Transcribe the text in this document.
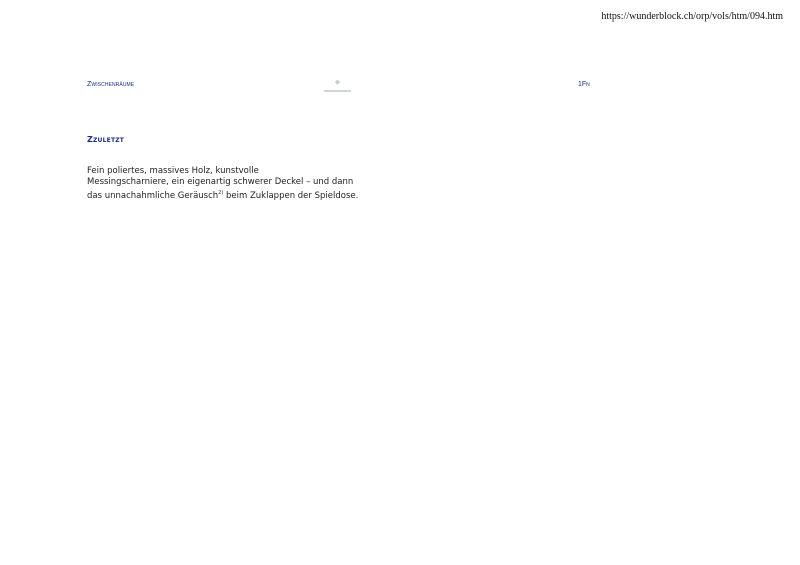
https://wunderblock.ch/orp/vols/htm/094.htm
Zwischenräume	◆	1Fn
Zzuletzt
Fein poliertes, massives Holz, kunstvolle
Messingscharniere, ein eigenartig schwerer Deckel – und dann
das unnachahmliche Geräusch$^{2)}$ beim Zuklappen der Spieldose.
